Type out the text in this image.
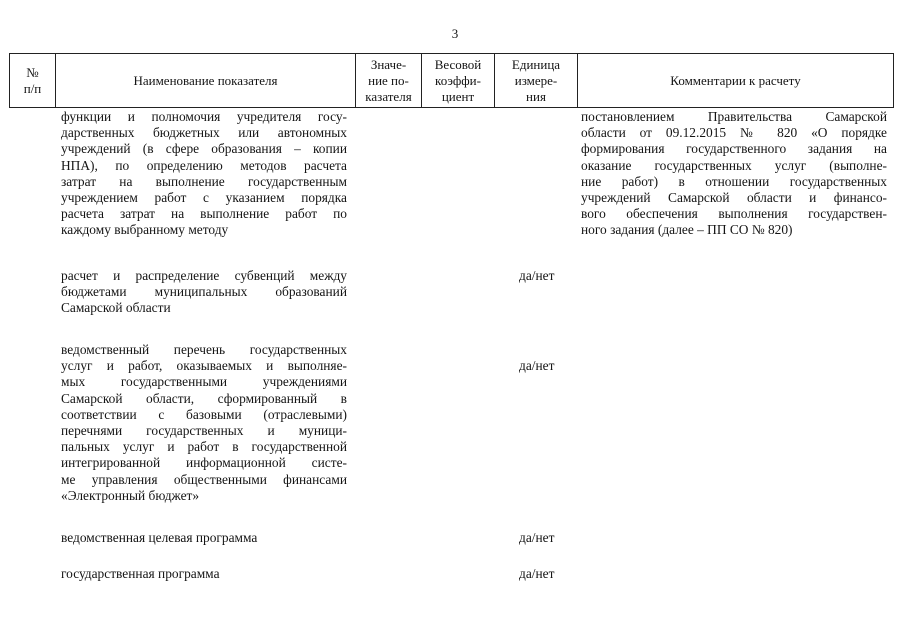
3
№
п/п
Наименование показателя
Значе-
ние по-
казателя
Весовой
коэффи-
циент
Единица
измере-
ния
Комментарии к расчету
функции и полномочия учредителя госу-
дарственных бюджетных или автономных
учреждений (в сфере образования – копии
НПА), по определению методов расчета
затрат на выполнение государственным
учреждением работ с указанием порядка
расчета затрат на выполнение работ по
каждому выбранному методу
постановлением Правительства Самарской
области от 09.12.2015 № 820 «О порядке
формирования государственного задания на
оказание государственных услуг (выполне-
ние работ) в отношении государственных
учреждений Самарской области и финансо-
вого обеспечения выполнения государствен-
ного задания (далее – ПП СО № 820)
расчет и распределение субвенций между
бюджетами муниципальных образований
Самарской области
да/нет
ведомственный перечень государственных
услуг и работ, оказываемых и выполняе-
мых государственными учреждениями
Самарской области, сформированный в
соответствии с базовыми (отраслевыми)
перечнями государственных и муници-
пальных услуг и работ в государственной
интегрированной информационной систе-
ме управления общественными финансами
«Электронный бюджет»
да/нет
ведомственная целевая программа	да/нет
государственная программа	да/нет
